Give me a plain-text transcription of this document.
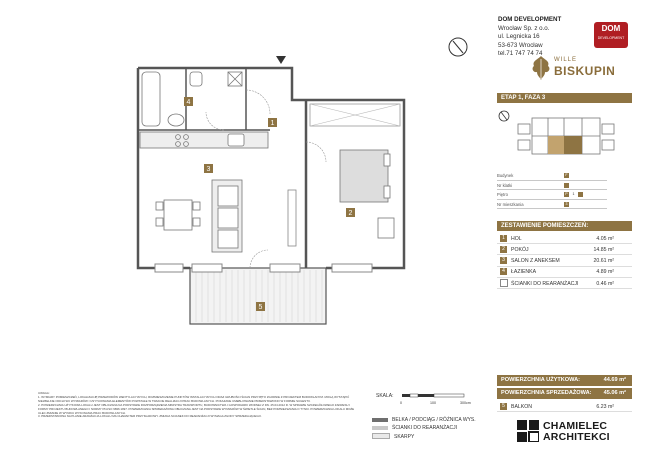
1
2
3
4
5
DOM DEVELOPMENT
Wrocław Sp. z o.o.
ul. Legnicka 16
53-673 Wrocław
tel.71 747 74 74
DOM
DEVELOPMENT
WILLE
BISKUPIN
ETAP 1, FAZA 3
Budynek	F
Nr klatki
Piętro	P	1
Nr mieszkania	3
ZESTAWIENIE POMIESZCZEŃ:
1	HOL	4.05 m²
2	POKÓJ	14.85 m²
3	SALON Z ANEKSEM	20.61 m²
4	ŁAZIENKA	4.89 m²
ŚCIANKI DO REARANŻACJI	0.46 m²
POWIERZCHNIA UŻYTKOWA:	44.69 m²
POWIERZCHNIA SPRZEDAŻOWA: 45.06 m²
5	BALKON	6.23 m²
SKALA:
0	100	300cm
BELKA / PODCIĄG / RÓŻNICA WYS.
ŚCIANKI DO REARANŻACJI
SKARPY

UWAGA:

1. WYMIARY POMIESZCZEŃ, LOKALIZACJĘ PRZEWODÓW WENTYLACYJNYCH, ROZMIESZCZENIE PUNKTÓW INSTALACYJNYCH ORAZ GRUBOŚCI ŚCIAN PRZYJĘTO ZGODNIE Z PROJEKTEM BUDOWLANYM. MOGĄ WYSTĄPIĆ NIEWIELKIE ODCHYŁKI WYMIARÓW I USYTUOWANIA ELEMENTÓW POWSTAŁE W TRAKCIE REALIZACJI PRAC BUDOWLANYCH. POKAZANE UMEBLOWANIE PRZEDSTAWIONO W FORMIE SUGESTII.

2. POWIERZCHNIA UŻYTKOWA LOKALU JEST OBLICZANA NA PODSTAWIE ROZPORZĄDZENIA MINISTRA TRANSPORTU, BUDOWNICTWA I GOSPODARKI WODNEJ Z DN. 25.04.2012 R. W SPRAWIE SZCZEGÓŁOWEGO ZAKRESU I FORMY PROJEKTU BUDOWLANEGO I NORMY PN-ISO 9836:1997. POWIERZCHNIA SPRZEDAŻOWA OBLICZANA JEST NA PODSTAWIE WYMIARÓW W ŚWIETLE ŚCIAN, BEZ POMNIEJSZANIA O TYNKI. POWIERZCHNIA LOKALU MOŻE ULEC ZMIANIE W WYNIKU WYKONANIA PRAC BUDOWLANYCH.

3. PRZEDSTAWIONA NA PLANIE ARANŻACJA LOKALU MA CHARAKTER PRZYKŁADOWY. ZMIANA SCIANEK DO REARANŻACJI WYMAGA ZGODY SPRZEDAJĄCEGO.

CHAMIELEC
ARCHITEKCI
